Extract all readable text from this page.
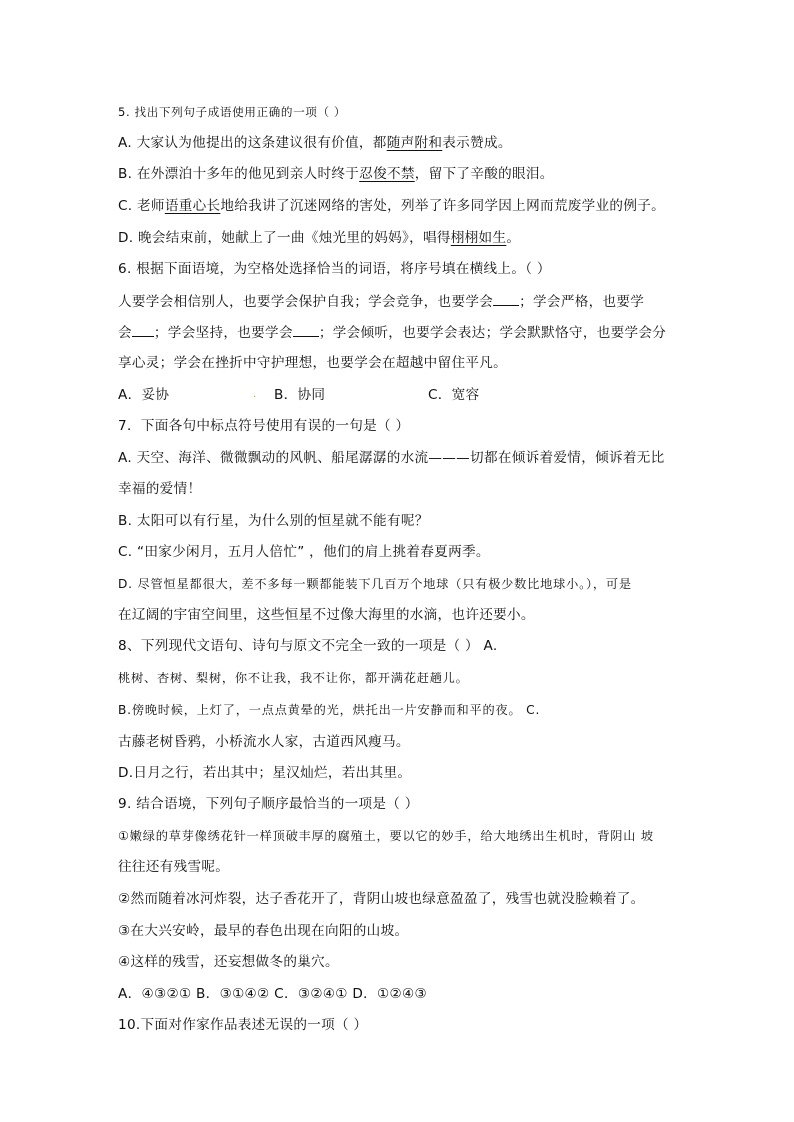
5. 找出下列句子成语使用正确的一项（ ）
A. 大家认为他提出的这条建议很有价值，都随声附和表示赞成。
B. 在外漂泊十多年的他见到亲人时终于忍俊不禁，留下了辛酸的眼泪。
C. 老师语重心长地给我讲了沉迷网络的害处，列举了许多同学因上网而荒废学业的例子。
D. 晚会结束前，她献上了一曲《烛光里的妈妈》，唱得栩栩如生。
6. 根据下面语境，为空格处选择恰当的词语，将序号填在横线上。（ ）
人要学会相信别人，也要学会保护自我；学会竞争，也要学会 ；学会严格，也要学
会 ；学会坚持，也要学会 ；学会倾听，也要学会表达；学会默默恪守，也要学会分
享心灵；学会在挫折中守护理想，也要学会在超越中留住平凡。
A．妥协	. B．协同	C．宽容
7．下面各句中标点符号使用有误的一句是（ ）
A. 天空、海洋、微微飘动的风帆、船尾潺潺的水流———切都在倾诉着爱情，倾诉着无比
幸福的爱情！
B. 太阳可以有行星，为什么别的恒星就不能有呢？
C. “田家少闲月，五月人倍忙” ，他们的肩上挑着春夏两季。
D. 尽管恒星都很大，差不多每一颗都能装下几百万个地球（只有极少数比地球小。），可是
在辽阔的宇宙空间里，这些恒星不过像大海里的水滴，也许还要小。
8、下列现代文语句、诗句与原文不完全一致的一项是（ ） A.
桃树、杏树、梨树，你不让我，我不让你，都开满花赶趟儿。
B.傍晚时候，上灯了，一点点黄晕的光，烘托出一片安静而和平的夜。 C.
古藤老树昏鸦，小桥流水人家，古道西风瘦马。
D.日月之行，若出其中；星汉灿烂，若出其里。
9. 结合语境，下列句子顺序最恰当的一项是（ ）
①嫩绿的草芽像绣花针一样顶破丰厚的腐殖土，要以它的妙手，给大地绣出生机时，背阴山 坡
往往还有残雪呢。
②然而随着冰河炸裂，达子香花开了，背阴山坡也绿意盈盈了，残雪也就没脸赖着了。
③在大兴安岭，最早的春色出现在向阳的山坡。
④这样的残雪，还妄想做冬的巢穴。
A．④③②① B．③①④② C．③②④① D．①②④③
10.下面对作家作品表述无误的一项（ ）
